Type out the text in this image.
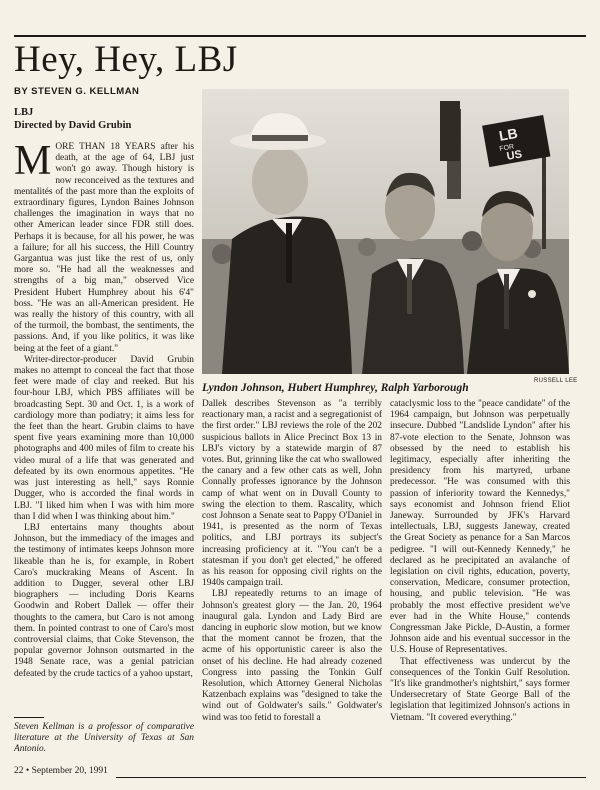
Hey, Hey, LBJ
BY STEVEN G. KELLMAN
LBJ
Directed by David Grubin	LB
FOR
US
RUSSELL LEE
Lyndon Johnson, Hubert Humphrey, Ralph Yarborough

MORE THAN 18 YEARS after his death, at the age of 64, LBJ just won't go away. Though history is now reconceived as the textures and mentalités of the past more than the exploits of extraordinary figures, Lyndon Baines Johnson challenges the imagination in ways that no other American leader since FDR still does. Perhaps it is because, for all his power, he was a failure; for all his success, the Hill Country Gargantua was just like the rest of us, only more so. "He had all the weaknesses and strengths of a big man," observed Vice President Hubert Humphrey about his 6'4" boss. "He was an all-American president. He was really the history of this country, with all of the turmoil, the bombast, the sentiments, the passions. And, if you like politics, it was like being at the feet of a giant."

Writer-director-producer David Grubin makes no attempt to conceal the fact that those feet were made of clay and reeked. But his four-hour LBJ, which PBS affiliates will be broadcasting Sept. 30 and Oct. 1, is a work of cardiology more than podiatry; it aims less for the feet than the heart. Grubin claims to have spent five years examining more than 10,000 photographs and 400 miles of film to create his video mural of a life that was generated and defeated by its own enormous appetites. "He was just interesting as hell," says Ronnie Dugger, who is accorded the final words in LBJ. "I liked him when I was with him more than I did when I was thinking about him."

LBJ entertains many thoughts about Johnson, but the immediacy of the images and the testimony of intimates keeps Johnson more likeable than he is, for example, in Robert Caro's muckraking Means of Ascent. In addition to Dugger, several other LBJ biographers — including Doris Kearns Goodwin and Robert Dallek — offer their thoughts to the camera, but Caro is not among them. In pointed contrast to one of Caro's most controversial claims, that Coke Stevenson, the popular governor Johnson outsmarted in the 1948 Senate race, was a genial patrician defeated by the crude tactics of a yahoo upstart,

Dallek describes Stevenson as "a terribly reactionary man, a racist and a segregationist of the first order." LBJ reviews the role of the 202 suspicious ballots in Alice Precinct Box 13 in LBJ's victory by a statewide margin of 87 votes. But, grinning like the cat who swallowed the canary and a few other cats as well, John Connally professes ignorance by the Johnson camp of what went on in Duvall County to swing the election to them. Rascality, which cost Johnson a Senate seat to Pappy O'Daniel in 1941, is presented as the norm of Texas politics, and LBJ portrays its subject's increasing proficiency at it. "You can't be a statesman if you don't get elected," he offered as his reason for opposing civil rights on the 1940s campaign trail.

LBJ repeatedly returns to an image of Johnson's greatest glory — the Jan. 20, 1964 inaugural gala. Lyndon and Lady Bird are dancing in euphoric slow motion, but we know that the moment cannot be frozen, that the acme of his opportunistic career is also the onset of his decline. He had already cozened Congress into passing the Tonkin Gulf Resolution, which Attorney General Nicholas Katzenbach explains was "designed to take the wind out of Goldwater's sails." Goldwater's wind was too fetid to forestall a

cataclysmic loss to the "peace candidate" of the 1964 campaign, but Johnson was perpetually insecure. Dubbed "Landslide Lyndon" after his 87-vote election to the Senate, Johnson was obsessed by the need to establish his legitimacy, especially after inheriting the presidency from his martyred, urbane predecessor. "He was consumed with this passion of inferiority toward the Kennedys," says economist and Johnson friend Eliot Janeway. Surrounded by JFK's Harvard intellectuals, LBJ, suggests Janeway, created the Great Society as penance for a San Marcos pedigree. "I will out-Kennedy Kennedy," he declared as he precipitated an avalanche of legislation on civil rights, education, poverty, conservation, Medicare, consumer protection, housing, and public television. "He was probably the most effective president we've ever had in the White House," contends Congressman Jake Pickle, D-Austin, a former Johnson aide and his eventual successor in the U.S. House of Representatives.

That effectiveness was undercut by the consequences of the Tonkin Gulf Resolution. "It's like grandmother's nightshirt," says former Undersecretary of State George Ball of the legislation that legitimized Johnson's actions in Vietnam. "It covered everything."

Steven Kellman is a professor of comparative literature at the University of Texas at San Antonio.
22 • September 20, 1991
